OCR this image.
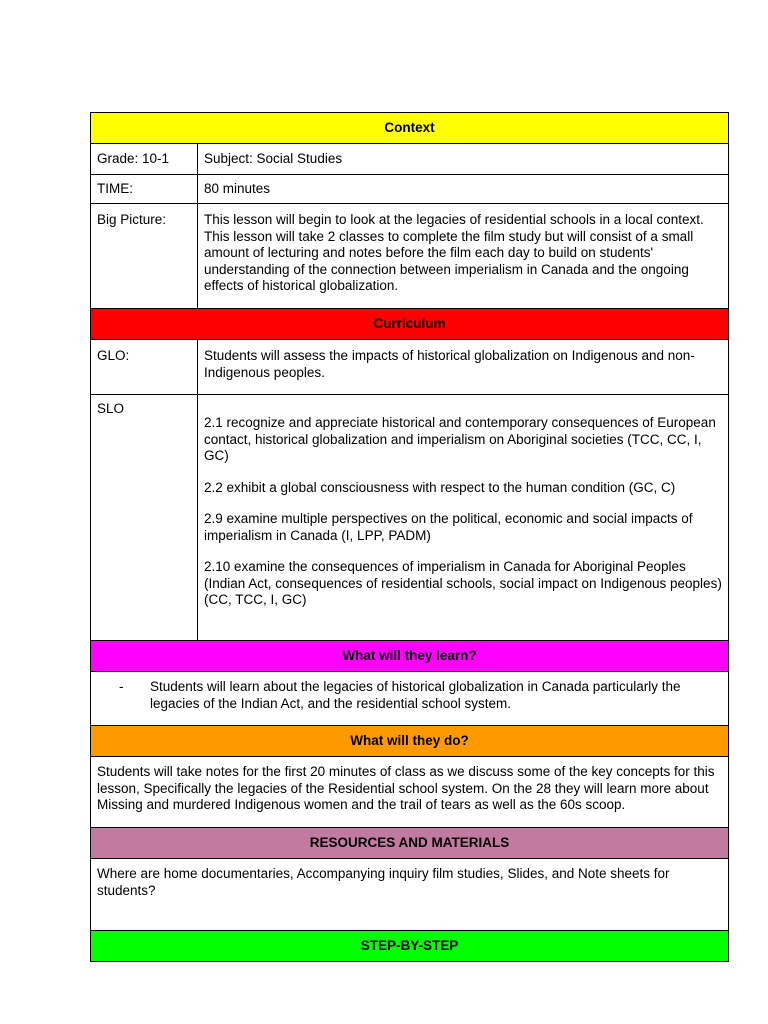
Context	
Grade: 10-1	Subject: Social Studies
TIME:	80 minutes
Big Picture:	This lesson will begin to look at the legacies of residential schools in a local context. This lesson will take 2 classes to complete the film study but will consist of a small amount of lecturing and notes before the film each day to build on students' understanding of the connection between imperialism in Canada and the ongoing effects of historical globalization.
Curriculum	
GLO:	Students will assess the impacts of historical globalization on Indigenous and non-Indigenous peoples.
SLO	2.1 recognize and appreciate historical and contemporary consequences of European contact, historical globalization and imperialism on Aboriginal societies (TCC, CC, I, GC)
2.2 exhibit a global consciousness with respect to the human condition (GC, C)
2.9 examine multiple perspectives on the political, economic and social impacts of imperialism in Canada (I, LPP, PADM)
2.10 examine the consequences of imperialism in Canada for Aboriginal Peoples (Indian Act, consequences of residential schools, social impact on Indigenous peoples) (CC, TCC, I, GC)

What will they learn?	

- Students will learn about the legacies of historical globalization in Canada particularly the legacies of the Indian Act, and the residential school system.	

What will they do?	
Students will take notes for the first 20 minutes of class as we discuss some of the key concepts for this lesson, Specifically the legacies of the Residential school system. On the 28 they will learn more about Missing and murdered Indigenous women and the trail of tears as well as the 60s scoop.	
RESOURCES AND MATERIALS	
Where are home documentaries, Accompanying inquiry film studies, Slides, and Note sheets for students?	
STEP-BY-STEP	
